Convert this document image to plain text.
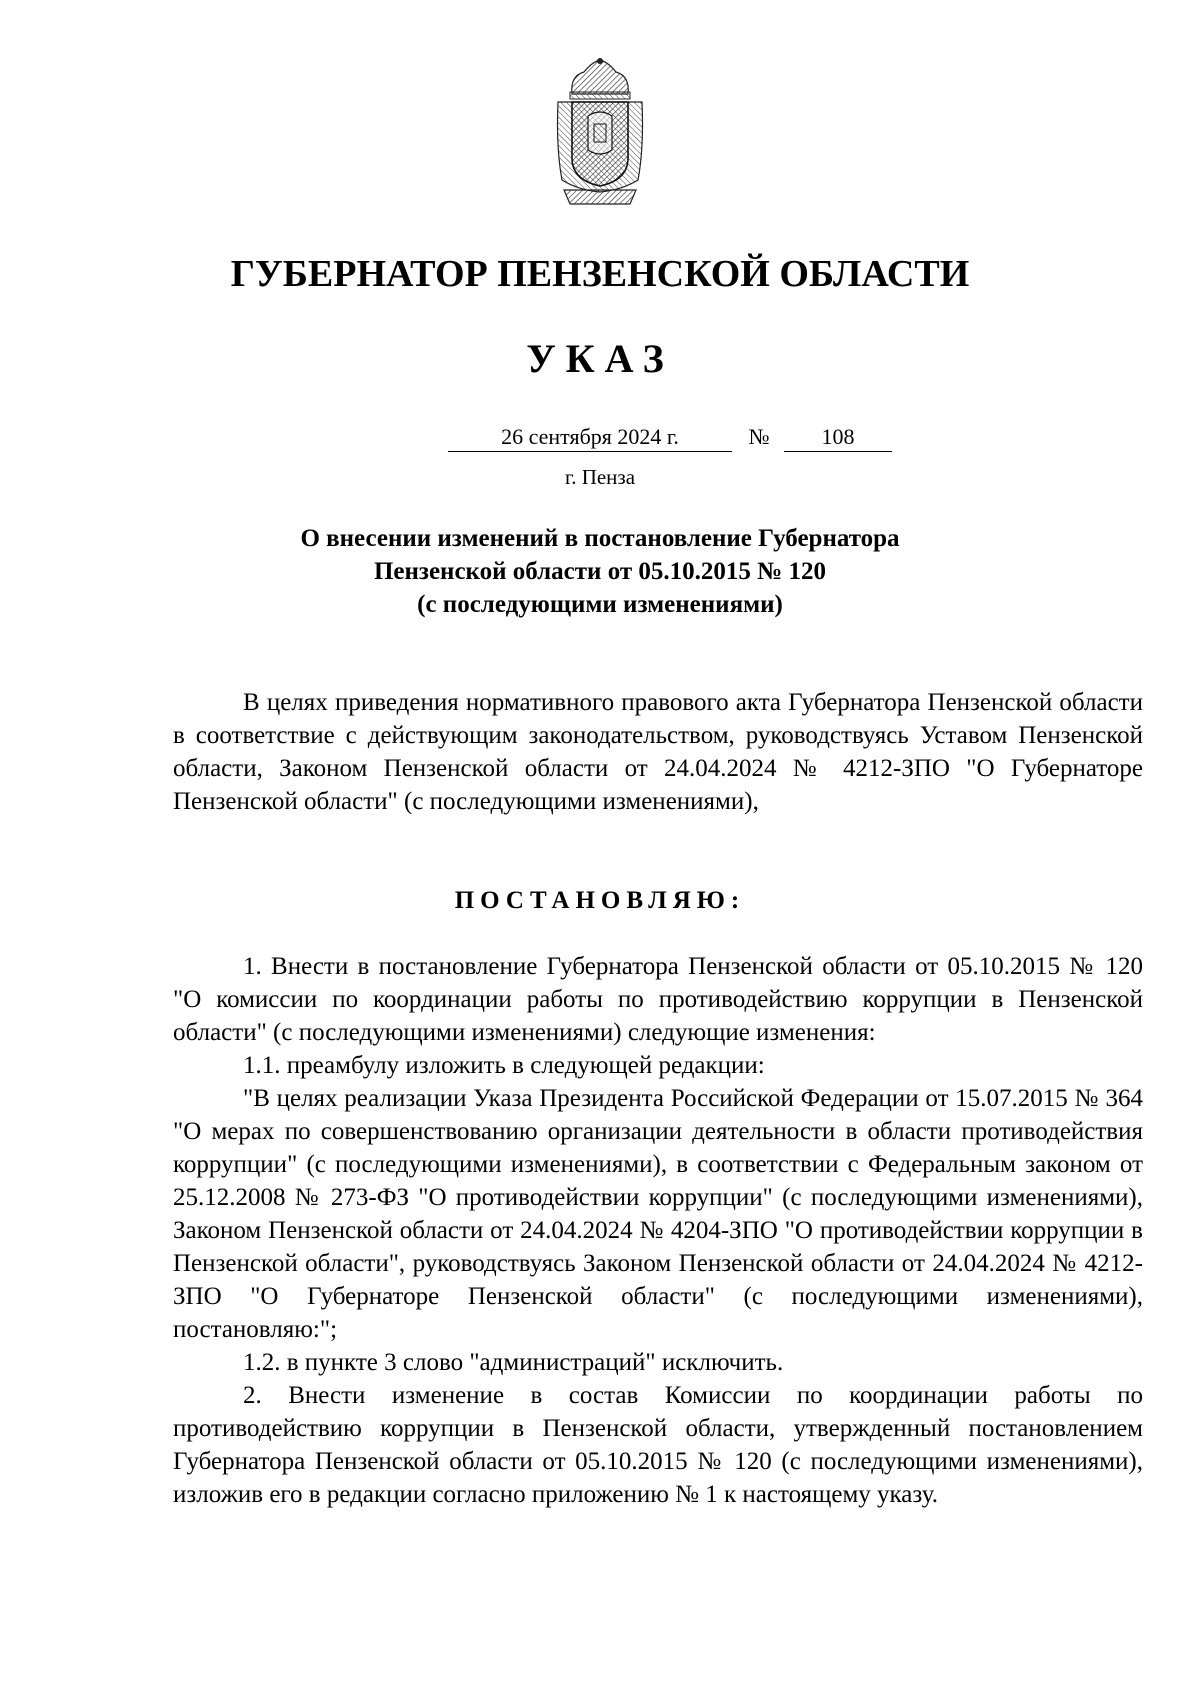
ГУБЕРНАТОР ПЕНЗЕНСКОЙ ОБЛАСТИ
УКАЗ
26 сентября 2024 г.	№	108
г. Пенза
О внесении изменений в постановление Губернатора
Пензенской области от 05.10.2015 № 120
(с последующими изменениями)

В целях приведения нормативного правового акта Губернатора Пензенской области в соответствие с действующим законодательством, руководствуясь Уставом Пензенской области, Законом Пензенской области от 24.04.2024 № 4212-ЗПО "О Губернаторе Пензенской области" (с последующими изменениями),

ПОСТАНОВЛЯЮ:

1. Внести в постановление Губернатора Пензенской области от 05.10.2015 № 120 "О комиссии по координации работы по противодействию коррупции в Пензенской области" (с последующими изменениями) следующие изменения:

1.1. преамбулу изложить в следующей редакции:

"В целях реализации Указа Президента Российской Федерации от 15.07.2015 № 364 "О мерах по совершенствованию организации деятельности в области противодействия коррупции" (с последующими изменениями), в соответствии с Федеральным законом от 25.12.2008 № 273-ФЗ "О противодействии коррупции" (с последующими изменениями), Законом Пензенской области от 24.04.2024 № 4204-ЗПО "О противодействии коррупции в Пензенской области", руководствуясь Законом Пензенской области от 24.04.2024 № 4212-ЗПО "О Губернаторе Пензенской области" (с последующими изменениями), постановляю:";

1.2. в пункте 3 слово "администраций" исключить.

2. Внести изменение в состав Комиссии по координации работы по противодействию коррупции в Пензенской области, утвержденный постановлением Губернатора Пензенской области от 05.10.2015 № 120 (с последующими изменениями), изложив его в редакции согласно приложению № 1 к настоящему указу.
